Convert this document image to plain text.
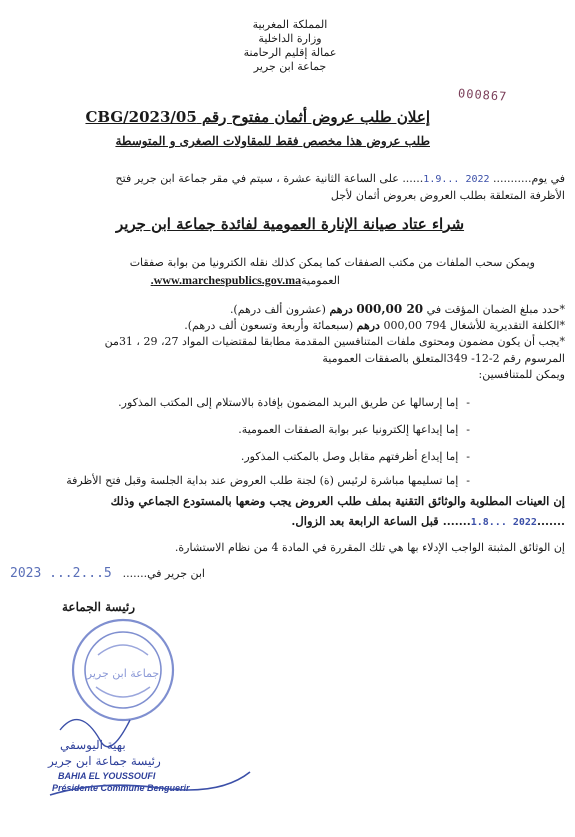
المملكة المغربية
وزارة الداخلية
عمالة إقليم الرحامنة
جماعة ابن جرير
000867
إعلان طلب عروض أثمان مفتوح رقم CBG/2023/05
طلب عروض هذا مخصص فقط للمقاولات الصغرى و المتوسطة
في يوم........... 2022 ...1.9...... على الساعة الثانية عشرة ، سيتم في مقر جماعة ابن جرير فتح
الأظرفة المتعلقة بطلب العروض بعروض أثمان لأجل
شراء عتاد صيانة الإنارة العمومية لفائدة جماعة ابن جرير
ويمكن سحب الملفات من مكتب الصفقات كما يمكن كذلك نقله الكترونيا من بوابة صفقات
العموميةwww.marchespublics.gov.ma.
*حدد مبلغ الضمان المؤقت في 20 000,00 درهم (عشرون ألف درهم).
*الكلفة التقديرية للأشغال 794 000,00 درهم (سبعمائة وأربعة وتسعون ألف درهم).
*يجب أن يكون مضمون ومحتوى ملفات المتنافسين المقدمة مطابقا لمقتضيات المواد 27، 29 ، 31من
المرسوم رقم 2-12- 349المتعلق بالصفقات العمومية
ويمكن للمتنافسين:
-إما إرسالها عن طريق البريد المضمون بإفادة بالاستلام إلى المكتب المذكور.
-إما إيداعها إلكترونيا عبر بوابة الصفقات العمومية.
-إما إيداع أظرفتهم مقابل وصل بالمكتب المذكور.
-إما تسليمها مباشرة لرئيس (ة) لجنة طلب العروض عند بداية الجلسة وقبل فتح الأظرفة
إن العينات المطلوبة والوثائق التقنية بملف طلب العروض يجب وضعها بالمستودع الجماعي وذلك
.......2022 ...1.8....... قبل الساعة الرابعة بعد الزوال.
إن الوثائق المثبتة الواجب الإدلاء بها هي تلك المقررة في المادة 4 من نظام الاستشارة.
ابن جرير في.......
2023 ...2...5
رئيسة الجماعة
جماعة ابن جرير
بهية اليوسفي
رئيسة جماعة ابن جرير
BAHIA EL YOUSSOUFI
Présidente Commune Benguerir
